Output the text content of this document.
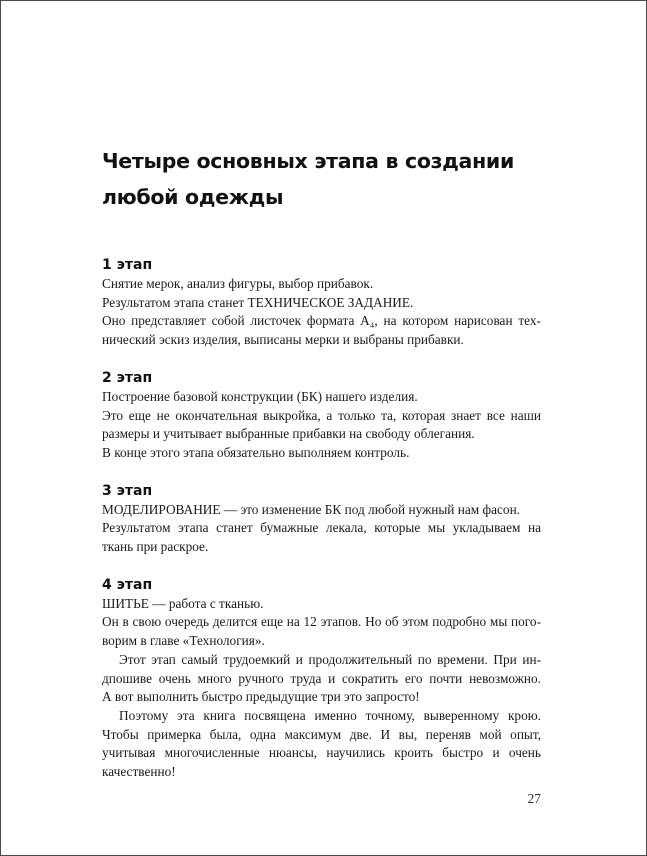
Четыре основных этапа в создании
любой одежды
1 этап

Снятие мерок, анализ фигуры, выбор прибавок.

Результатом этапа станет ТЕХНИЧЕСКОЕ ЗАДАНИЕ.

Оно представляет собой листочек формата А₄, на котором нарисован тех-

нический эскиз изделия, выписаны мерки и выбраны прибавки.

2 этап

Построение базовой конструкции (БК) нашего изделия.

Это еще не окончательная выкройка, а только та, которая знает все наши

размеры и учитывает выбранные прибавки на свободу облегания.

В конце этого этапа обязательно выполняем контроль.

3 этап

МОДЕЛИРОВАНИЕ — это изменение БК под любой нужный нам фасон.

Результатом этапа станет бумажные лекала, которые мы укладываем на

ткань при раскрое.

4 этап

ШИТЬЕ — работа с тканью.

Он в свою очередь делится еще на 12 этапов. Но об этом подробно мы пого-

ворим в главе «Технология».

Этот этап самый трудоемкий и продолжительный по времени. При ин-

дпошиве очень много ручного труда и сократить его почти невозможно.

А вот выполнить быстро предыдущие три это запросто!

Поэтому эта книга посвящена именно точному, выверенному крою.

Чтобы примерка была, одна максимум две. И вы, переняв мой опыт,

учитывая многочисленные нюансы, научились кроить быстро и очень

качественно!

27
